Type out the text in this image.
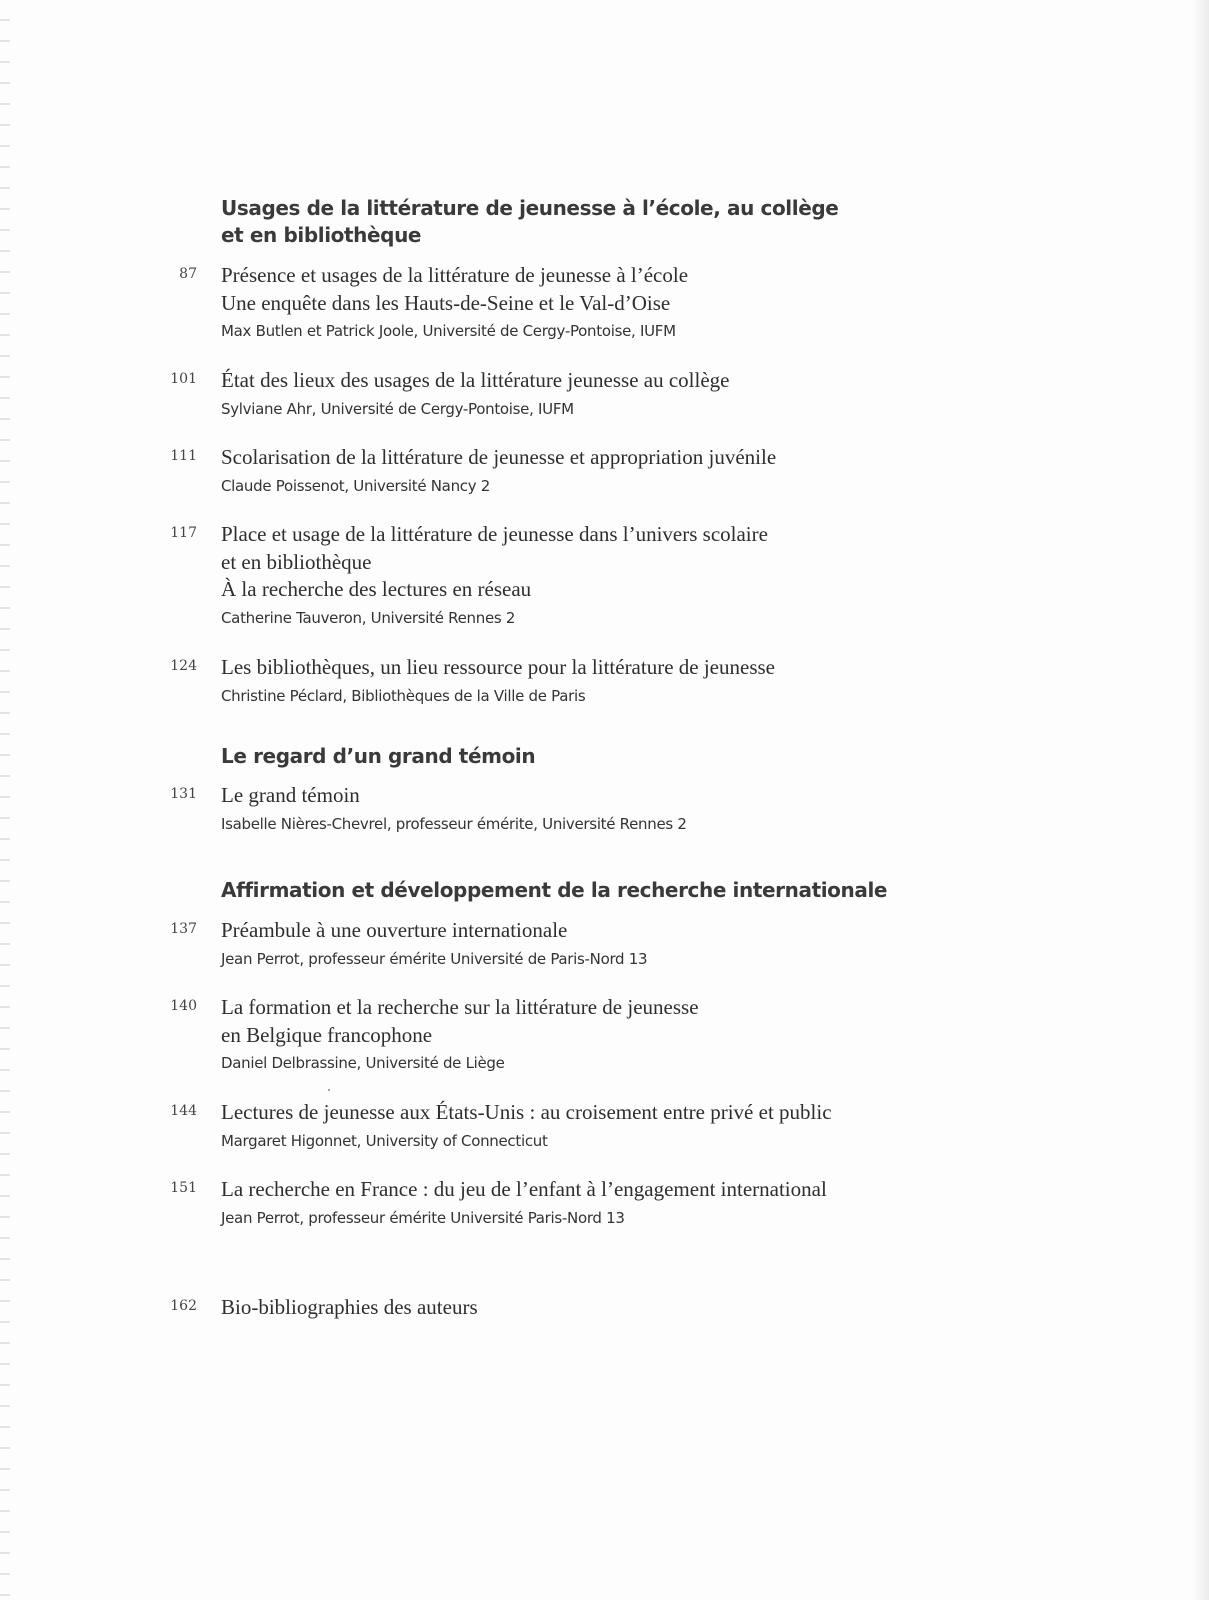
Usages de la littérature de jeunesse à l’école, au collège
et en bibliothèque
87 Présence et usages de la littérature de jeunesse à l’école
Une enquête dans les Hauts-de-Seine et le Val-d’Oise
Max Butlen et Patrick Joole, Université de Cergy-Pontoise, IUFM
101 État des lieux des usages de la littérature jeunesse au collège
Sylviane Ahr, Université de Cergy-Pontoise, IUFM
111 Scolarisation de la littérature de jeunesse et appropriation juvénile
Claude Poissenot, Université Nancy 2
117 Place et usage de la littérature de jeunesse dans l’univers scolaire
et en bibliothèque
À la recherche des lectures en réseau
Catherine Tauveron, Université Rennes 2
124 Les bibliothèques, un lieu ressource pour la littérature de jeunesse
Christine Péclard, Bibliothèques de la Ville de Paris
Le regard d’un grand témoin
131 Le grand témoin
Isabelle Nières-Chevrel, professeur émérite, Université Rennes 2
Affirmation et développement de la recherche internationale
137 Préambule à une ouverture internationale
Jean Perrot, professeur émérite Université de Paris-Nord 13
140 La formation et la recherche sur la littérature de jeunesse
en Belgique francophone
Daniel Delbrassine, Université de Liège
144 Lectures de jeunesse aux États-Unis : au croisement entre privé et public
Margaret Higonnet, University of Connecticut
151 La recherche en France : du jeu de l’enfant à l’engagement international
Jean Perrot, professeur émérite Université Paris-Nord 13
162 Bio-bibliographies des auteurs
